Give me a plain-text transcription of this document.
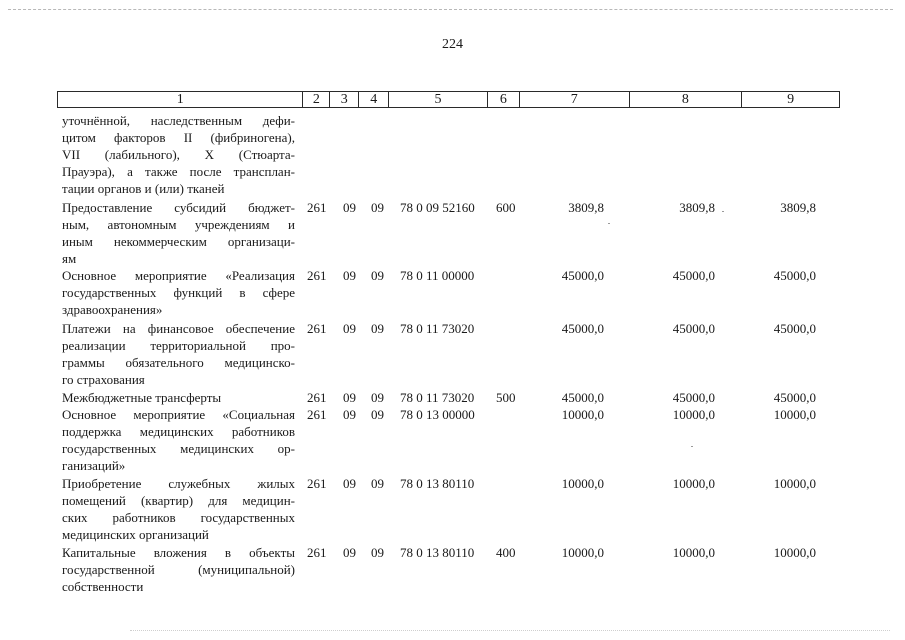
224
1	2	3	4	5	6	7	8	9
уточнённой, наследственным дефи-
цитом факторов II (фибриногена),
VII (лабильного), X (Стюарта-
Прауэра), а также после трансплан-
тации органов и (или) тканей
Предоставление субсидий бюджет-
ным, автономным учреждениям и
иным некоммерческим организаци-
ям
261 09 09 78 0 09 52160 600	3809,8	3809,8	3809,8
Основное мероприятие «Реализация
государственных функций в сфере
здравоохранения»
261 09 09 78 0 11 00000	45000,0	45000,0	45000,0
Платежи на финансовое обеспечение
реализации территориальной про-
граммы обязательного медицинско-
го страхования
261 09 09 78 0 11 73020	45000,0	45000,0	45000,0
Межбюджетные трансферты	261 09 09 78 0 11 73020 500	45000,0	45000,0	45000,0
Основное мероприятие «Социальная
поддержка медицинских работников
государственных медицинских ор-
ганизаций»
261 09 09 78 0 13 00000	10000,0	10000,0	10000,0
Приобретение служебных жилых
помещений (квартир) для медицин-
ских работников государственных
медицинских организаций
261 09 09 78 0 13 80110	10000,0	10000,0	10000,0
Капитальные вложения в объекты
государственной (муниципальной)
собственности
261 09 09 78 0 13 80110 400	10000,0	10000,0	10000,0
